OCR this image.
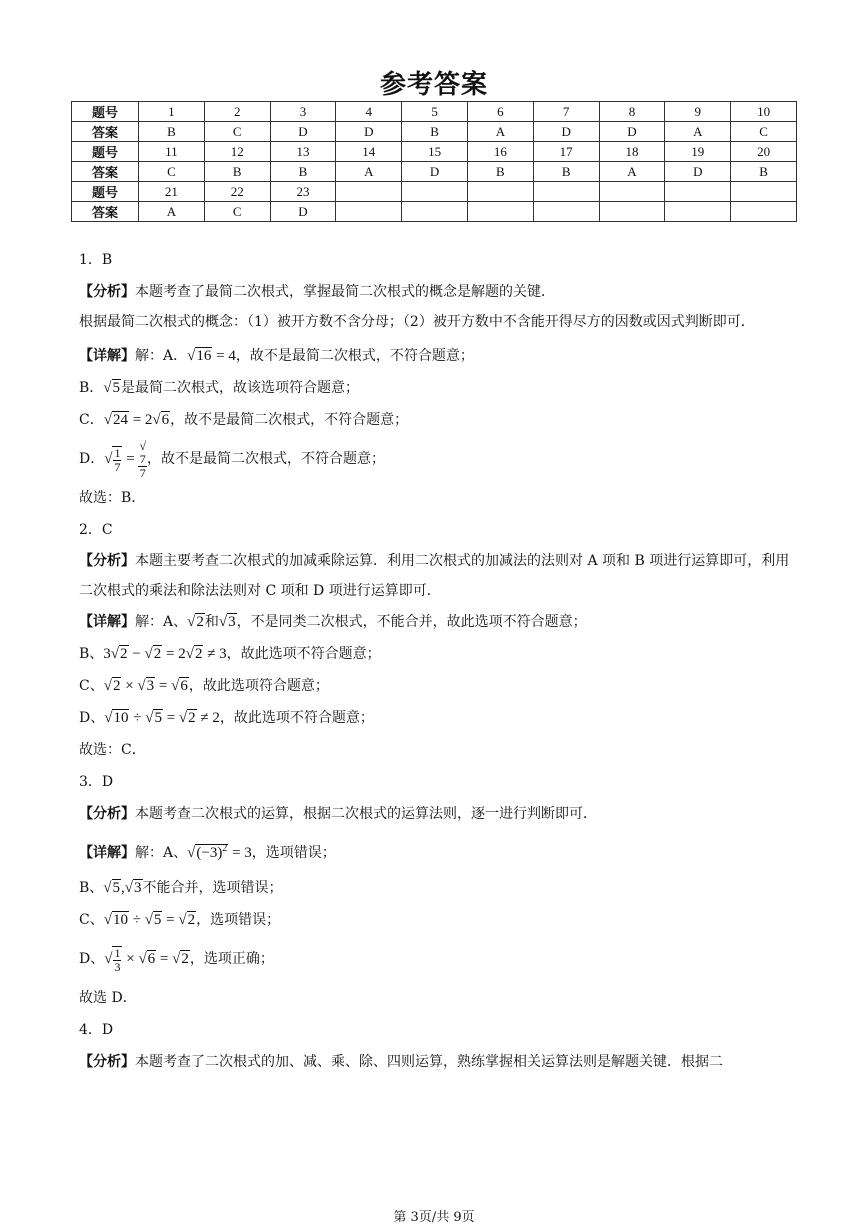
参考答案
题号	1	2	3	4	5	6	7	8	9	10
答案	B	C	D	D	B	A	D	D	A	C
题号	11	12	13	14	15	16	17	18	19	20
答案	C	B	B	A	D	B	B	A	D	B
题号	21	22	23							
答案	A	C	D							

1．B

【分析】本题考查了最简二次根式，掌握最简二次根式的概念是解题的关键．

根据最简二次根式的概念：（1）被开方数不含分母；（2）被开方数中不含能开得尽方的因数或因式判断即可．

【详解】解：A．√16 = 4，故不是最简二次根式，不符合题意；

B．√5是最简二次根式，故该选项符合题意；

C．√24 = 2√6，故不是最简二次根式，不符合题意；

D．√ $\frac{1}{7}$ = √
7
7 ，故不是最简二次根式，不符合题意；

故选：B．

2．C

【分析】本题主要考查二次根式的加减乘除运算．利用二次根式的加减法的法则对 A 项和 B 项进行运算即可，利用二次根式的乘法和除法法则对 C 项和 D 项进行运算即可．

【详解】解：A、√2和√3，不是同类二次根式，不能合并，故此选项不符合题意；

B、3√2 − √2 = 2√2 ≠ 3，故此选项不符合题意；

C、√2 × √3 = √6，故此选项符合题意；

D、√10 ÷ √5 = √2 ≠ 2，故此选项不符合题意；

故选：C．

3．D

【分析】本题考查二次根式的运算，根据二次根式的运算法则，逐一进行判断即可．

【详解】解：A、$√(-3)^2 = 3$，选项错误；

B、√5,√3不能合并，选项错误；

C、√10 ÷ √5 = √2，选项错误；

D、√ $\frac{1}{3} \times √6 = √2$，选项正确；

故选 D．

4．D

【分析】本题考查了二次根式的加、减、乘、除、四则运算，熟练掌握相关运算法则是解题关键．根据二

第 3页/共 9页
